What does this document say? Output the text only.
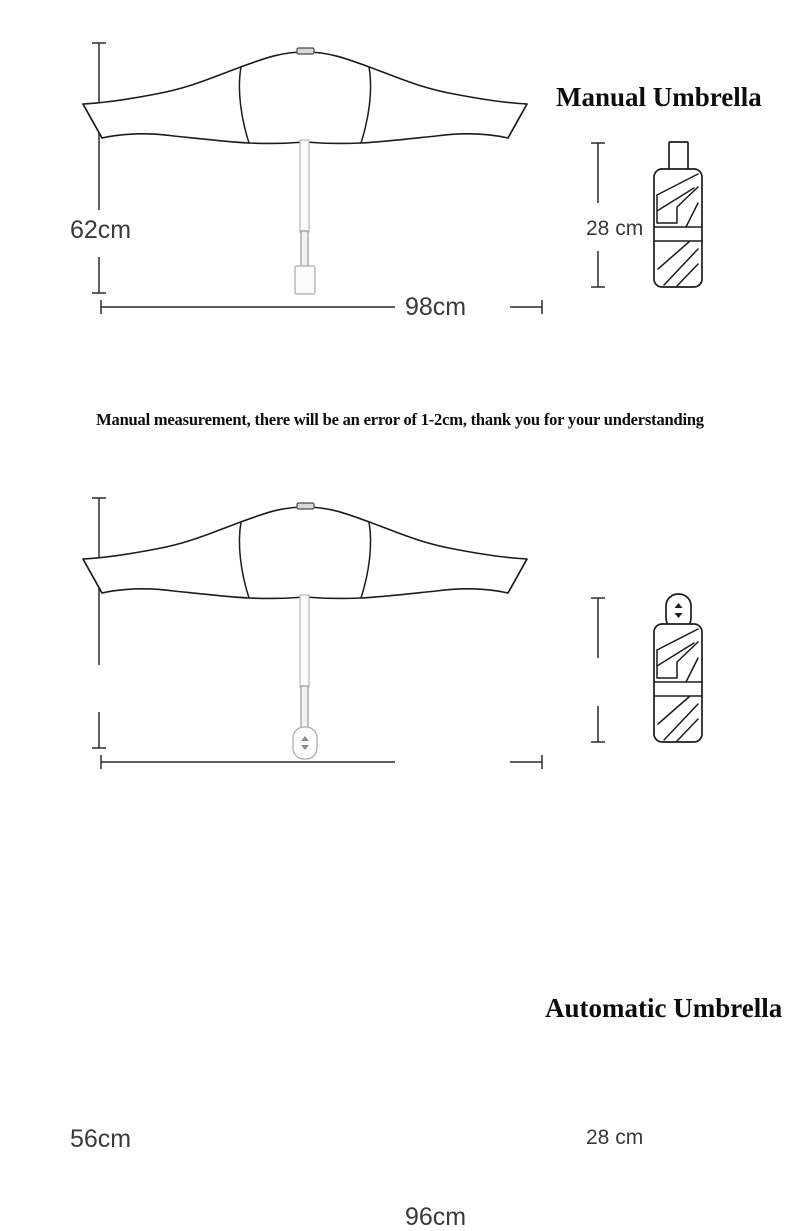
62cm
98cm
Manual Umbrella
28 cm
Manual measurement, there will be an error of 1-2cm, thank you for your understanding
56cm
96cm
Automatic Umbrella
28 cm
